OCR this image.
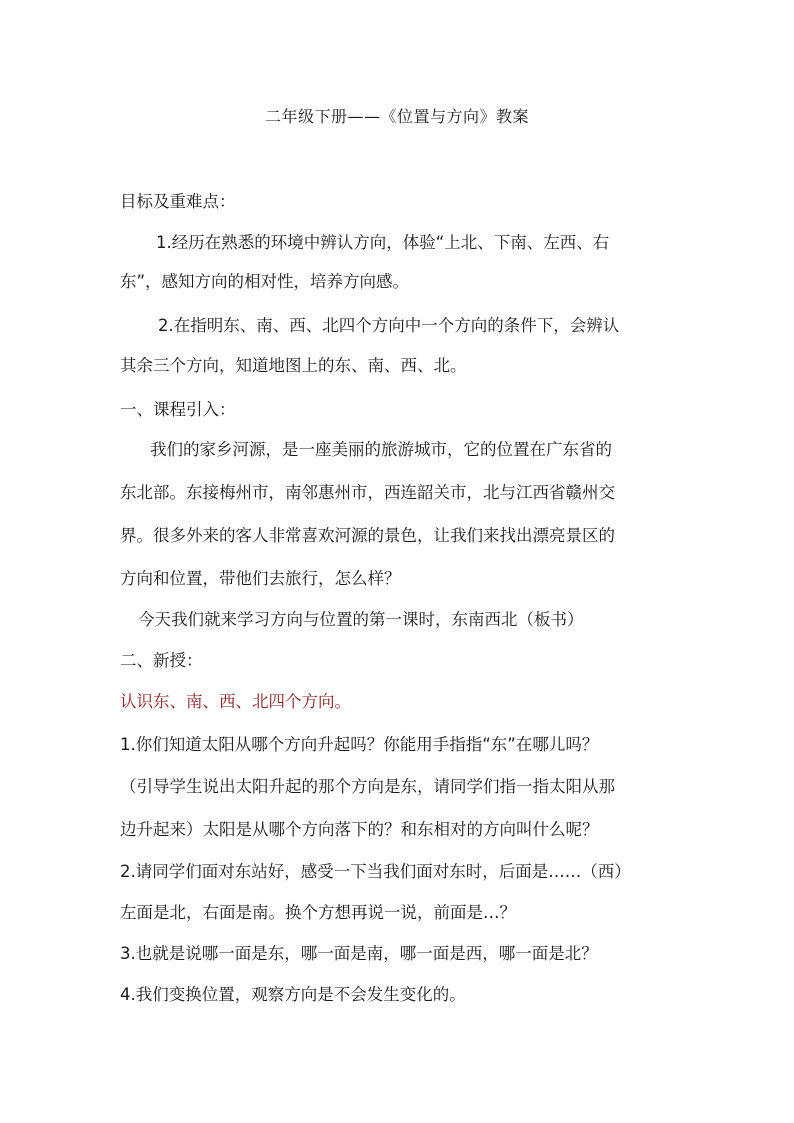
二年级下册——《位置与方向》教案

目标及重难点：

1.经历在熟悉的环境中辨认方向，体验“上北、下南、左西、右

东”，感知方向的相对性，培养方向感。

2.在指明东、南、西、北四个方向中一个方向的条件下，会辨认

其余三个方向，知道地图上的东、南、西、北。

一、课程引入：

我们的家乡河源，是一座美丽的旅游城市，它的位置在广东省的

东北部。东接梅州市，南邻惠州市，西连韶关市，北与江西省赣州交

界。很多外来的客人非常喜欢河源的景色，让我们来找出漂亮景区的

方向和位置，带他们去旅行，怎么样？

今天我们就来学习方向与位置的第一课时，东南西北（板书）

二、新授：

认识东、南、西、北四个方向。

1.你们知道太阳从哪个方向升起吗？你能用手指指“东”在哪儿吗？

（引导学生说出太阳升起的那个方向是东，请同学们指一指太阳从那

边升起来）太阳是从哪个方向落下的？和东相对的方向叫什么呢？

2.请同学们面对东站好，感受一下当我们面对东时，后面是……（西）

左面是北，右面是南。换个方想再说一说，前面是…？

3.也就是说哪一面是东，哪一面是南，哪一面是西，哪一面是北？

4.我们变换位置，观察方向是不会发生变化的。
